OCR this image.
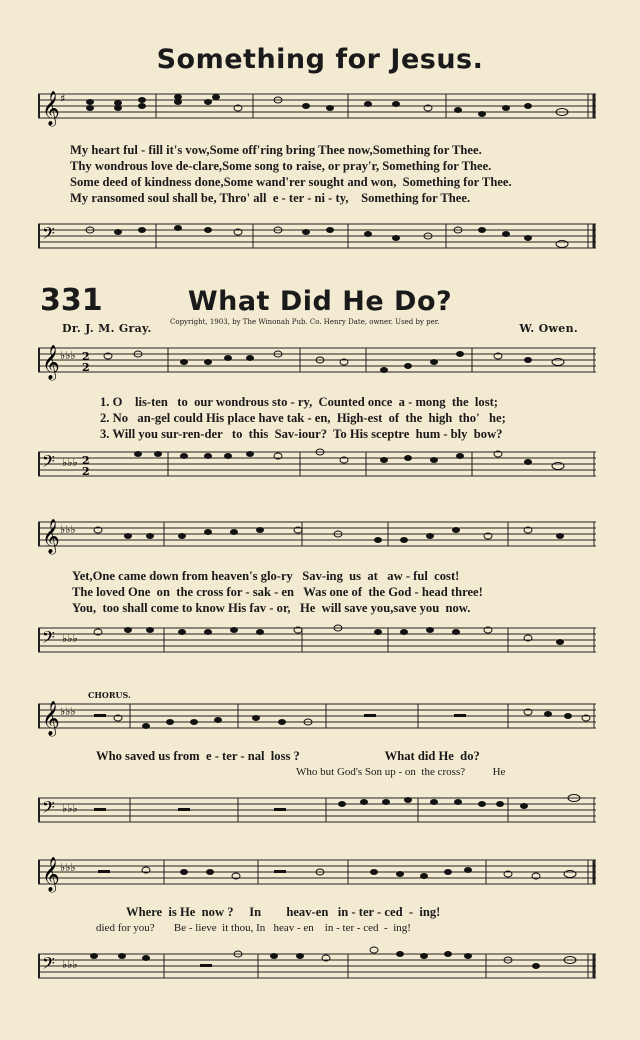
Something for Jesus.
𝄞 ♯
My heart ful - fill it's vow,Some off'ring bring Thee now,Something for Thee.
Thy wondrous love de-clare,Some song to raise, or pray'r, Something for Thee.
Some deed of kindness done,Some wand'rer sought and won,  Something for Thee.
My ransomed soul shall be, Thro' all  e - ter - ni - ty,    Something for Thee.
𝄢
331	What Did He Do?
Dr. J. M. Gray.	Copyright, 1903, by The Winonah Pub. Co. Henry Date, owner. Used by per.	W. Owen.
𝄞 ♭♭♭ 2
2
1. O    lis-ten   to  our wondrous sto - ry,  Counted once  a - mong  the  lost;
2. No   an-gel could His place have tak - en,  High-est  of  the  high  tho'   he;
3. Will you sur-ren-der   to  this  Sav-iour?  To His sceptre  hum - bly  bow?
𝄢 ♭♭♭ 2
2
𝄞 ♭♭♭
Yet,One came down from heaven's glo-ry   Sav-ing  us  at   aw - ful  cost!
The loved One  on  the cross for - sak - en   Was one of  the God - head three!
You,  too shall come to know His fav - or,   He  will save you,save you  now.
𝄢 ♭♭♭
CHORUS.
𝄞 ♭♭♭
Who saved us from  e - ter - nal  loss ?                           What did He  do?
Who but God's Son up - on  the cross?          He
𝄢 ♭♭♭
𝄞 ♭♭♭
Where  is He  now ?     In        heav-en   in - ter - ced  -  ing!
died for you?       Be - lieve  it thou, In   heav - en    in - ter - ced  -  ing!
𝄢 ♭♭♭
